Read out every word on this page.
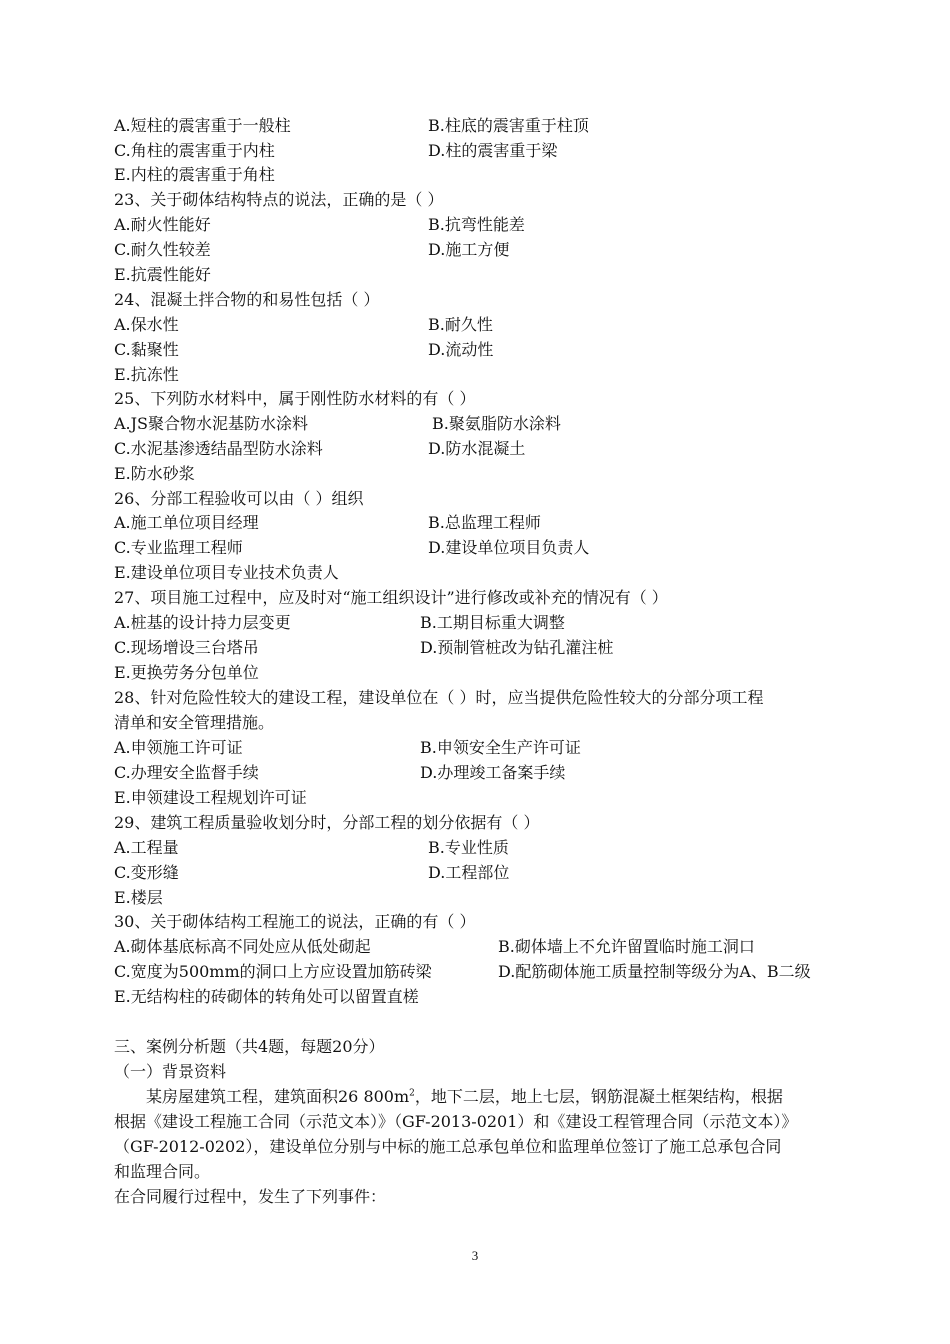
A.短柱的震害重于一般柱	B.柱底的震害重于柱顶
C.角柱的震害重于内柱	D.柱的震害重于梁
E.内柱的震害重于角柱
23、关于砌体结构特点的说法，正确的是（ ）
A.耐火性能好	B.抗弯性能差
C.耐久性较差	D.施工方便
E.抗震性能好
24、混凝土拌合物的和易性包括（ ）
A.保水性	B.耐久性
C.黏聚性	D.流动性
E.抗冻性
25、下列防水材料中，属于刚性防水材料的有（ ）
A.JS聚合物水泥基防水涂料	B.聚氨脂防水涂料
C.水泥基渗透结晶型防水涂料	D.防水混凝土
E.防水砂浆
26、分部工程验收可以由（ ）组织
A.施工单位项目经理	B.总监理工程师
C.专业监理工程师	D.建设单位项目负责人
E.建设单位项目专业技术负责人
27、项目施工过程中，应及时对“施工组织设计”进行修改或补充的情况有（ ）
A.桩基的设计持力层变更	B.工期目标重大调整
C.现场增设三台塔吊	D.预制管桩改为钻孔灌注桩
E.更换劳务分包单位
28、针对危险性较大的建设工程，建设单位在（ ）时，应当提供危险性较大的分部分项工程
清单和安全管理措施。
A.申领施工许可证	B.申领安全生产许可证
C.办理安全监督手续	D.办理竣工备案手续
E.申领建设工程规划许可证
29、建筑工程质量验收划分时，分部工程的划分依据有（ ）
A.工程量	B.专业性质
C.变形缝	D.工程部位
E.楼层
30、关于砌体结构工程施工的说法，正确的有（ ）
A.砌体基底标高不同处应从低处砌起	B.砌体墙上不允许留置临时施工洞口
C.宽度为500mm的洞口上方应设置加筋砖梁	D.配筋砌体施工质量控制等级分为A、B二级
E.无结构柱的砖砌体的转角处可以留置直槎
三、案例分析题（共4题，每题20分）
（一）背景资料
某房屋建筑工程，建筑面积26 $800m^2$，地下二层，地上七层，钢筋混凝土框架结构，根据
根据《建设工程施工合同（示范文本）》（GF-2013-0201）和《建设工程管理合同（示范文本）》
（GF-2012-0202），建设单位分别与中标的施工总承包单位和监理单位签订了施工总承包合同
和监理合同。
在合同履行过程中，发生了下列事件：
3
